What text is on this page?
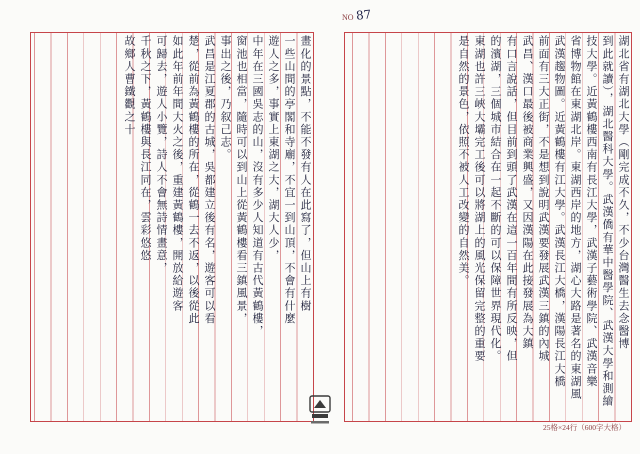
NO 87
畫化的景點，不能不發有人在此寫了，但山上有樹
一些山間的亭閣和寺廟，不宜一到山頂，不會有什麼
遊人之多，事實上東湖之大，湖大人少，
中年在三國吳志的山，沒有多少人知道有古代黃鶴樓，
窗池也相當，隨時可以到山上從黃鶴樓看三鎮風景，
事出之後，乃叙己志。
武昌是江夏郡的古城，吳都建立後有名，遊客可以看
楚，從前為黃鶴樓的所在，從鶴一去不返，以後從此
如此年前年間大火之後，重建黃鶴樓，開放給遊客
可歸去，遊人小覽，詩人不會無詩情畫意，
千秋之下，黃鶴樓與長江同在，雲彩悠悠
故鄉人曹鐵觀之十	湖北省有湖北大學（剛完成不久，不少台灣醫生去念醫博
到此就讀），湖北醫科大學。武漢僑有華中醫學院、武漢大學和測繪
技大學。近黃鶴樓西南有長江大學，武漢子藝術學院、武漢音樂
省博物館在東湖北岸。東湖西岸的地方，湖心大路是著名的東湖風
武漢趨物圖。近黃鶴樓有江大學。武漢長江大橋，漢陽長江大橋
前面有三大正街，不是想到說明武漢要發展武漢三鎮的內城
武昌、漢口最後被商業興盛，又因漢陽在此接發展為大鎮
有口言說話，但目前到頭了武漢在這一百年間有所反映，但
的濱湖，三個城市結合在一起不斷的可以保障世界現代化。
東湖也許三峽大壩完工後可以將湖上的風光保留完整的重要
是自然的景色，依照不被人工改變的自然美。
25格×24行（600字大格）
